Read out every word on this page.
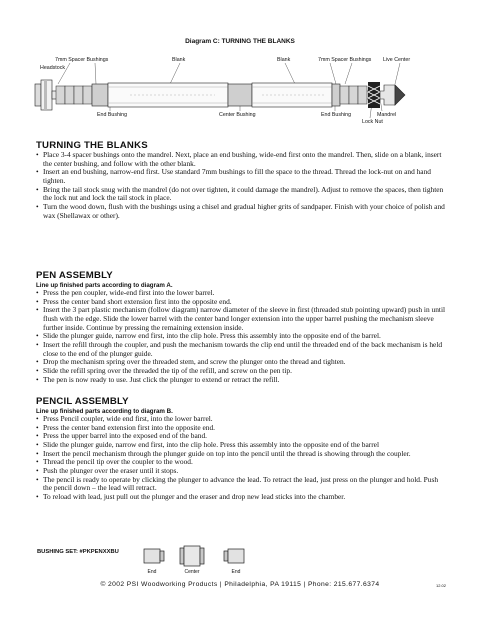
Diagram C: TURNING THE BLANKS
7mm Spacer Bushings
Headstock
Blank	Blank	7mm Spacer Bushings Live Center
End Bushing	Center Bushing	End Bushing	Mandrel
Lock Nut
TURNING THE BLANKS
• Place 3-4 spacer bushings onto the mandrel. Next, place an end bushing, wide-end first onto the mandrel. Then, slide on a blank, insert the center bushing, and follow with the other blank.
• Insert an end bushing, narrow-end first. Use standard 7mm bushings to fill the space to the thread. Thread the lock-nut on and hand tighten.
• Bring the tail stock snug with the mandrel (do not over tighten, it could damage the mandrel). Adjust to remove the spaces, then tighten the lock nut and lock the tail stock in place.
• Turn the wood down, flush with the bushings using a chisel and gradual higher grits of sandpaper. Finish with your choice of polish and wax (Shellawax or other).
PEN ASSEMBLY
Line up finished parts according to diagram A.
• Press the pen coupler, wide-end first into the lower barrel.
• Press the center band short extension first into the opposite end.
• Insert the 3 part plastic mechanism (follow diagram) narrow diameter of the sleeve in first (threaded stub pointing upward) push in until flush with the edge. Slide the lower barrel with the center band longer extension into the upper barrel pushing the mechanism sleeve further inside. Continue by pressing the remaining extension inside.
• Slide the plunger guide, narrow end first, into the clip hole. Press this assembly into the opposite end of the barrel.
• Insert the refill through the coupler, and push the mechanism towards the clip end until the threaded end of the back mechanism is held close to the end of the plunger guide.
• Drop the mechanism spring over the threaded stem, and screw the plunger onto the thread and tighten.
• Slide the refill spring over the threaded the tip of the refill, and screw on the pen tip.
• The pen is now ready to use. Just click the plunger to extend or retract the refill.
PENCIL ASSEMBLY
Line up finished parts according to diagram B.
• Press Pencil coupler, wide end first, into the lower barrel.
• Press the center band extension first into the opposite end.
• Press the upper barrel into the exposed end of the band.
• Slide the plunger guide, narrow end first, into the clip hole. Press this assembly into the opposite end of the barrel
• Insert the pencil mechanism through the plunger guide on top into the pencil until the thread is showing through the coupler.
• Thread the pencil tip over the coupler to the wood.
• Push the plunger over the eraser until it stops.
• The pencil is ready to operate by clicking the plunger to advance the lead. To retract the lead, just press on the plunger and hold. Push the pencil down – the lead will retract.
• To reload with lead, just pull out the plunger and the eraser and drop new lead sticks into the chamber.
BUSHING SET: #PKPENXXBU
End	Center	End
© 2002 PSI Woodworking Products | Philadelphia, PA 19115 | Phone: 215.677.6374	12.02
